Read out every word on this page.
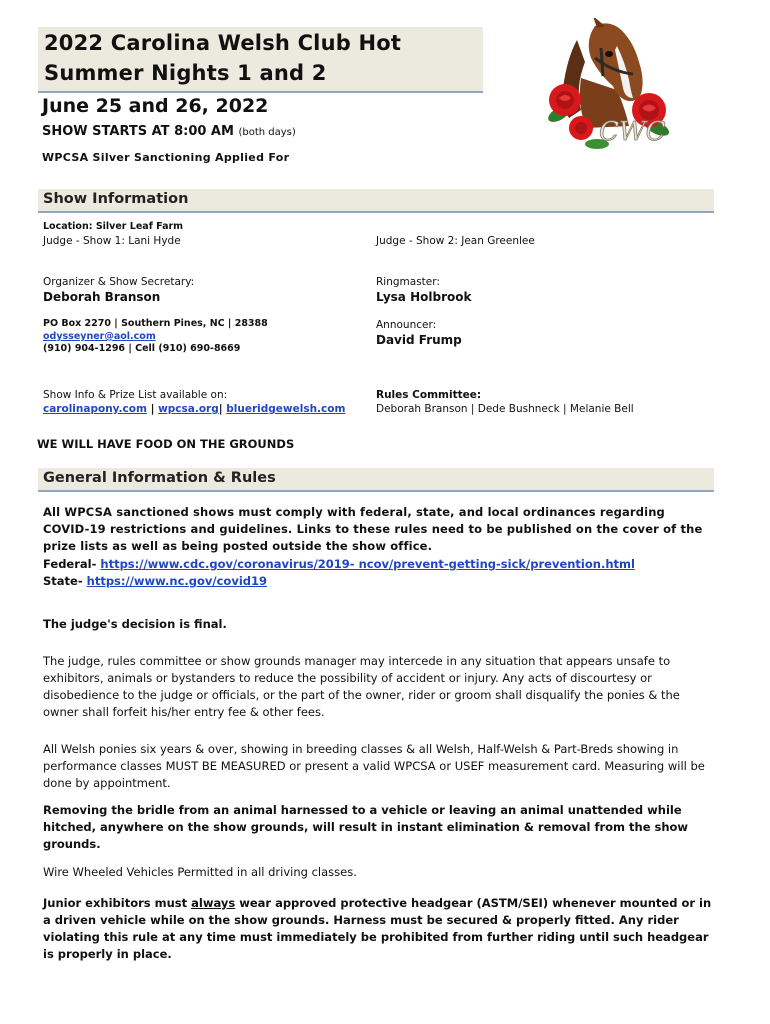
2022 Carolina Welsh Club Hot
Summer Nights 1 and 2
June 25 and 26, 2022
SHOW STARTS AT 8:00 AM (both days)
WPCSA Silver Sanctioning Applied For
CWC
Show Information
Location: Silver Leaf Farm
Judge - Show 1: Lani Hyde	Judge - Show 2: Jean Greenlee
Organizer & Show Secretary:
Deborah Branson
Ringmaster:
Lysa Holbrook
PO Box 2270 | Southern Pines, NC | 28388
odysseyner@aol.com
(910) 904-1296 | Cell (910) 690-8669
Announcer:
David Frump
Show Info & Prize List available on:
carolinapony.com | wpcsa.org| blueridgewelsh.com
Rules Committee:
Deborah Branson | Dede Bushneck | Melanie Bell
WE WILL HAVE FOOD ON THE GROUNDS
General Information & Rules
All WPCSA sanctioned shows must comply with federal, state, and local ordinances regarding COVID-19 restrictions and guidelines. Links to these rules need to be published on the cover of the prize lists as well as being posted outside the show office.
Federal- https://www.cdc.gov/coronavirus/2019- ncov/prevent-getting-sick/prevention.html
State- https://www.nc.gov/covid19
The judge's decision is final.
The judge, rules committee or show grounds manager may intercede in any situation that appears unsafe to exhibitors, animals or bystanders to reduce the possibility of accident or injury. Any acts of discourtesy or disobedience to the judge or officials, or the part of the owner, rider or groom shall disqualify the ponies & the owner shall forfeit his/her entry fee & other fees.
All Welsh ponies six years & over, showing in breeding classes & all Welsh, Half-Welsh & Part-Breds showing in performance classes MUST BE MEASURED or present a valid WPCSA or USEF measurement card. Measuring will be done by appointment.
Removing the bridle from an animal harnessed to a vehicle or leaving an animal unattended while hitched, anywhere on the show grounds, will result in instant elimination & removal from the show grounds.
Wire Wheeled Vehicles Permitted in all driving classes.
Junior exhibitors must always wear approved protective headgear (ASTM/SEI) whenever mounted or in a driven vehicle while on the show grounds. Harness must be secured & properly fitted. Any rider violating this rule at any time must immediately be prohibited from further riding until such headgear is properly in place.
